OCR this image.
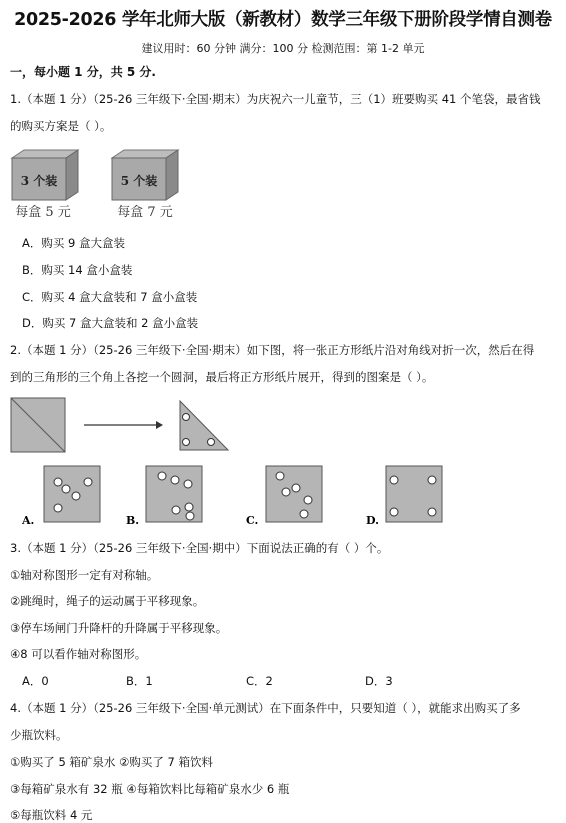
2025-2026 学年北师大版（新教材）数学三年级下册阶段学情自测卷
建议用时：60 分钟 满分：100 分 检测范围：第 1-2 单元
一，每小题 1 分，共 5 分.
1.（本题 1 分）（25-26 三年级下·全国·期末）为庆祝六一儿童节，三（1）班要购买 41 个笔袋，最省钱
的购买方案是（ ）。
3 个装
每盒 5 元
5 个装
每盒 7 元
A．购买 9 盒大盒装
B．购买 14 盒小盒装
C．购买 4 盒大盒装和 7 盒小盒装
D．购买 7 盒大盒装和 2 盒小盒装
2.（本题 1 分）（25-26 三年级下·全国·期末）如下图，将一张正方形纸片沿对角线对折一次，然后在得
到的三角形的三个角上各挖一个圆洞，最后将正方形纸片展开，得到的图案是（ ）。
A.	B.	C.	D.
3.（本题 1 分）（25-26 三年级下·全国·期中）下面说法正确的有（ ）个。
①轴对称图形一定有对称轴。
②跳绳时，绳子的运动属于平移现象。
③停车场闸门升降杆的升降属于平移现象。
④8 可以看作轴对称图形。
A．0	B．1	C．2	D．3
4.（本题 1 分）（25-26 三年级下·全国·单元测试）在下面条件中，只要知道（ ），就能求出购买了多
少瓶饮料。
①购买了 5 箱矿泉水 ②购买了 7 箱饮料
③每箱矿泉水有 32 瓶 ④每箱饮料比每箱矿泉水少 6 瓶
⑤每瓶饮料 4 元
